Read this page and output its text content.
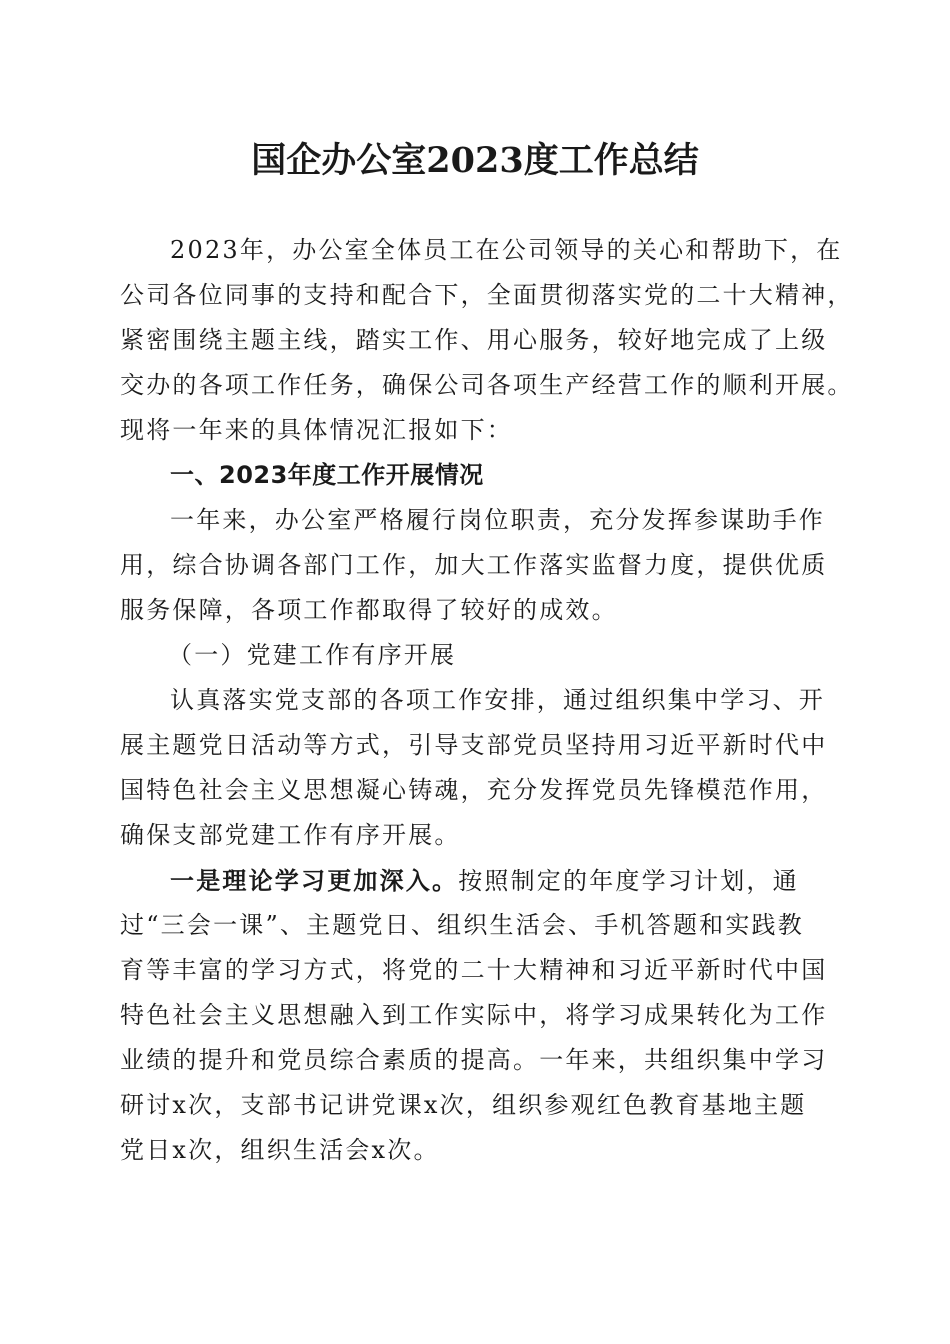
国企办公室2023度工作总结
2023年，办公室全体员工在公司领导的关心和帮助下，在
公司各位同事的支持和配合下，全面贯彻落实党的二十大精神，
紧密围绕主题主线，踏实工作、用心服务，较好地完成了上级
交办的各项工作任务，确保公司各项生产经营工作的顺利开展。
现将一年来的具体情况汇报如下：
一、2023年度工作开展情况
一年来，办公室严格履行岗位职责，充分发挥参谋助手作
用，综合协调各部门工作，加大工作落实监督力度，提供优质
服务保障，各项工作都取得了较好的成效。
（一）党建工作有序开展
认真落实党支部的各项工作安排，通过组织集中学习、开
展主题党日活动等方式，引导支部党员坚持用习近平新时代中
国特色社会主义思想凝心铸魂，充分发挥党员先锋模范作用，
确保支部党建工作有序开展。
一是理论学习更加深入。按照制定的年度学习计划，通
过“三会一课”、主题党日、组织生活会、手机答题和实践教
育等丰富的学习方式，将党的二十大精神和习近平新时代中国
特色社会主义思想融入到工作实际中，将学习成果转化为工作
业绩的提升和党员综合素质的提高。一年来，共组织集中学习
研讨x次，支部书记讲党课x次，组织参观红色教育基地主题
党日x次，组织生活会x次。
